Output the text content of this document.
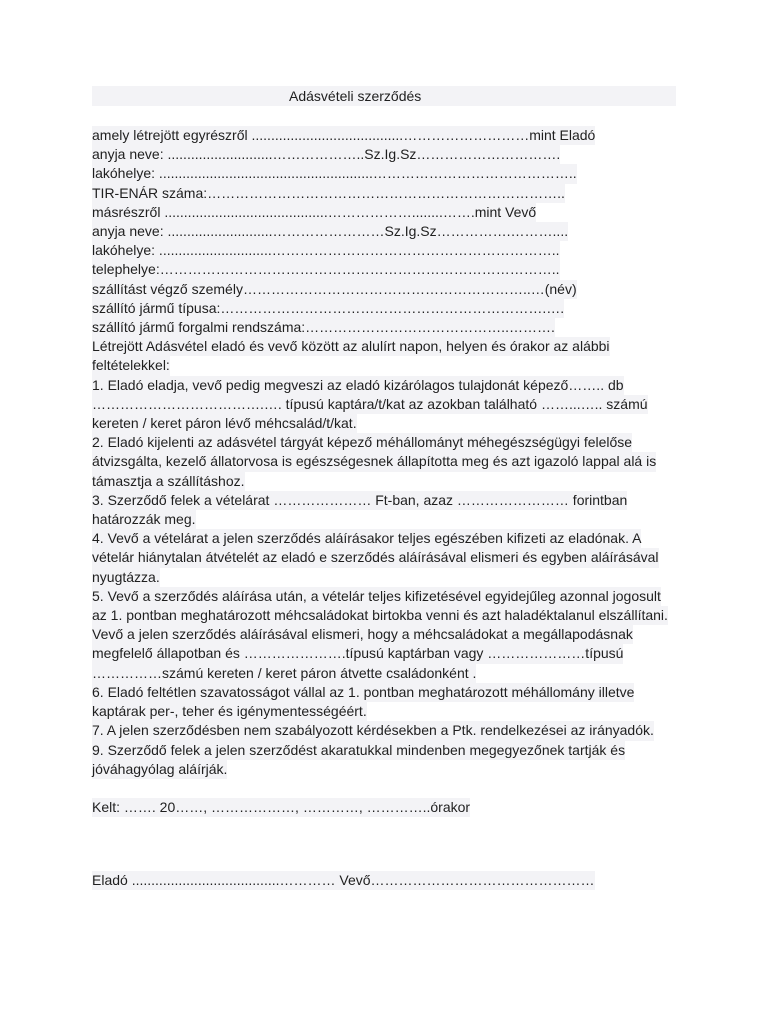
Adásvételi szerződés
amely létrejött egyrészről .......................................………………………mint Eladó
anyja neve: ...........................………………..Sz.Ig.Sz………………………….
lakóhelye: .......................................................……………………………………..
TIR-ENÁR száma:…………………………………………………………………..
másrészről ..........................................………………........…….mint Vevő
anyja neve: ...........................……………………Sz.Ig.Sz…………….………....
lakóhelye: .............................……………………………………………………..
telephelye:…………………………………………………………………………..
szállítást végző személy……………………………………………………..…(név)
szállító jármű típusa:…………………………………………………………….….
szállító jármű forgalmi rendszáma:……………………………………..……….
Létrejött Adásvétel eladó és vevő között az alulírt napon, helyen és órakor az alábbi
feltételekkel:
1. Eladó eladja, vevő pedig megveszi az eladó kizárólagos tulajdonát képező…….. db
……………………………….…. típusú kaptára/t/kat az azokban található ……...….. számú
kereten / keret páron lévő méhcsalád/t/kat.
2. Eladó kijelenti az adásvétel tárgyát képező méhállományt méhegészségügyi felelőse
átvizsgálta, kezelő állatorvosa is egészségesnek állapította meg és azt igazoló lappal alá is
támasztja a szállításhoz.
3. Szerződő felek a vételárat ………………… Ft-ban, azaz …………………… forintban
határozzák meg.
4. Vevő a vételárat a jelen szerződés aláírásakor teljes egészében kifizeti az eladónak. A
vételár hiánytalan átvételét az eladó e szerződés aláírásával elismeri és egyben aláírásával
nyugtázza.
5. Vevő a szerződés aláírása után, a vételár teljes kifizetésével egyidejűleg azonnal jogosult
az 1. pontban meghatározott méhcsaládokat birtokba venni és azt haladéktalanul elszállítani.
Vevő a jelen szerződés aláírásával elismeri, hogy a méhcsaládokat a megállapodásnak
megfelelő állapotban és ………………….típusú kaptárban vagy …………………típusú
……………számú kereten / keret páron átvette családonként .
6. Eladó feltétlen szavatosságot vállal az 1. pontban meghatározott méhállomány illetve
kaptárak per-, teher és igénymentességéért.
7. A jelen szerződésben nem szabályozott kérdésekben a Ptk. rendelkezései az irányadók.
9. Szerződő felek a jelen szerződést akaratukkal mindenben megegyezőnek tartják és
jóváhagyólag aláírják.
Kelt: ……. 20……, ………………, …………, …………..órakor
Eladó ......................................………… Vevő…………………………………………
